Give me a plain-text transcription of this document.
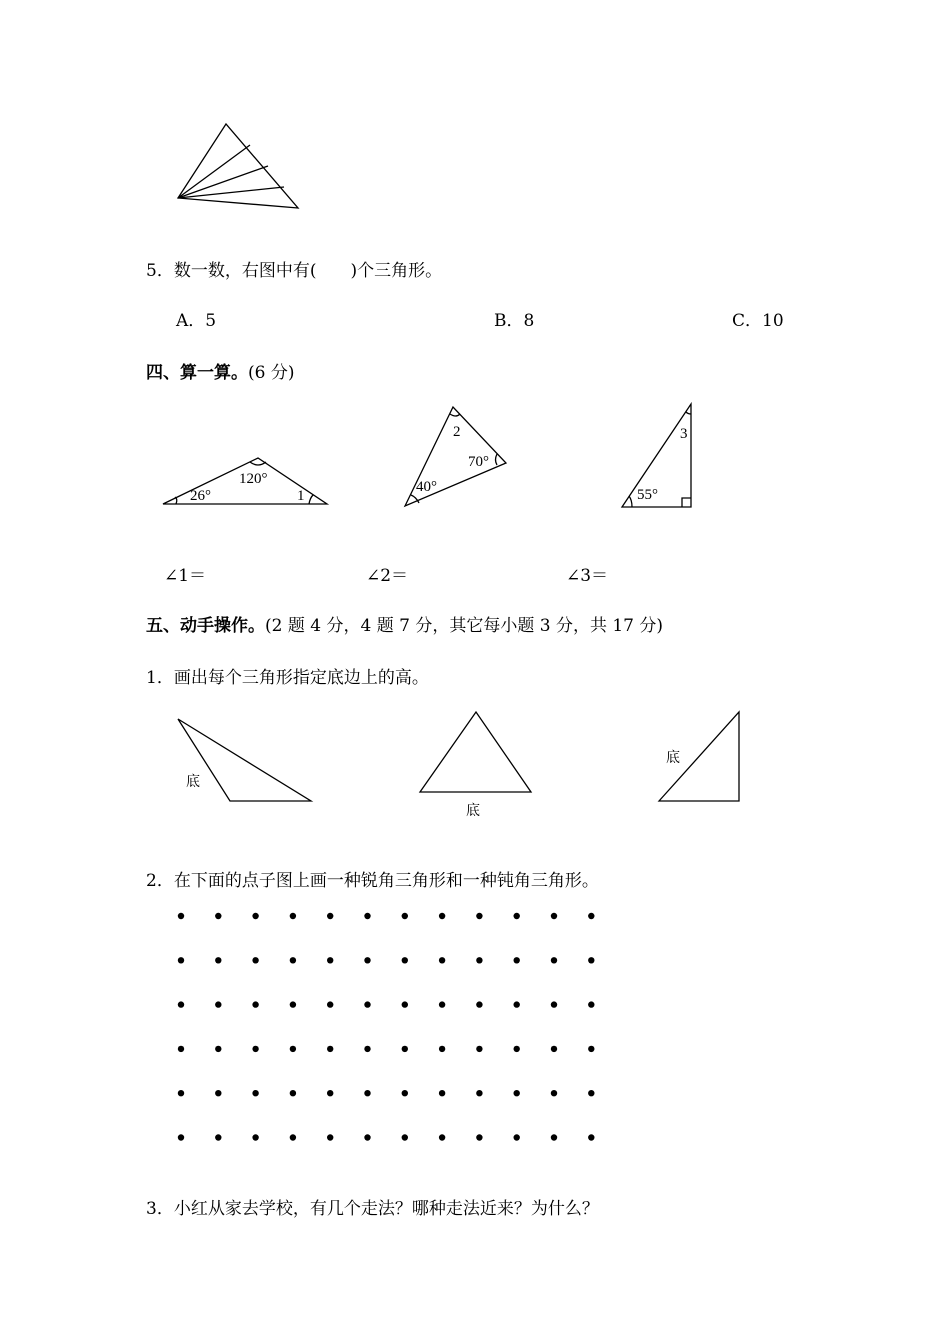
5．数一数，右图中有(　　)个三角形。
A．5	B．8	C．10
四、算一算。(6 分)
120°
26°	1
2
70°
40°
3
55°
∠1＝	∠2＝	∠3＝
五、动手操作。(2 题 4 分，4 题 7 分，其它每小题 3 分，共 17 分)
1．画出每个三角形指定底边上的高。
底
底
底
2．在下面的点子图上画一种锐角三角形和一种钝角三角形。
3．小红从家去学校，有几个走法？哪种走法近来？为什么？
